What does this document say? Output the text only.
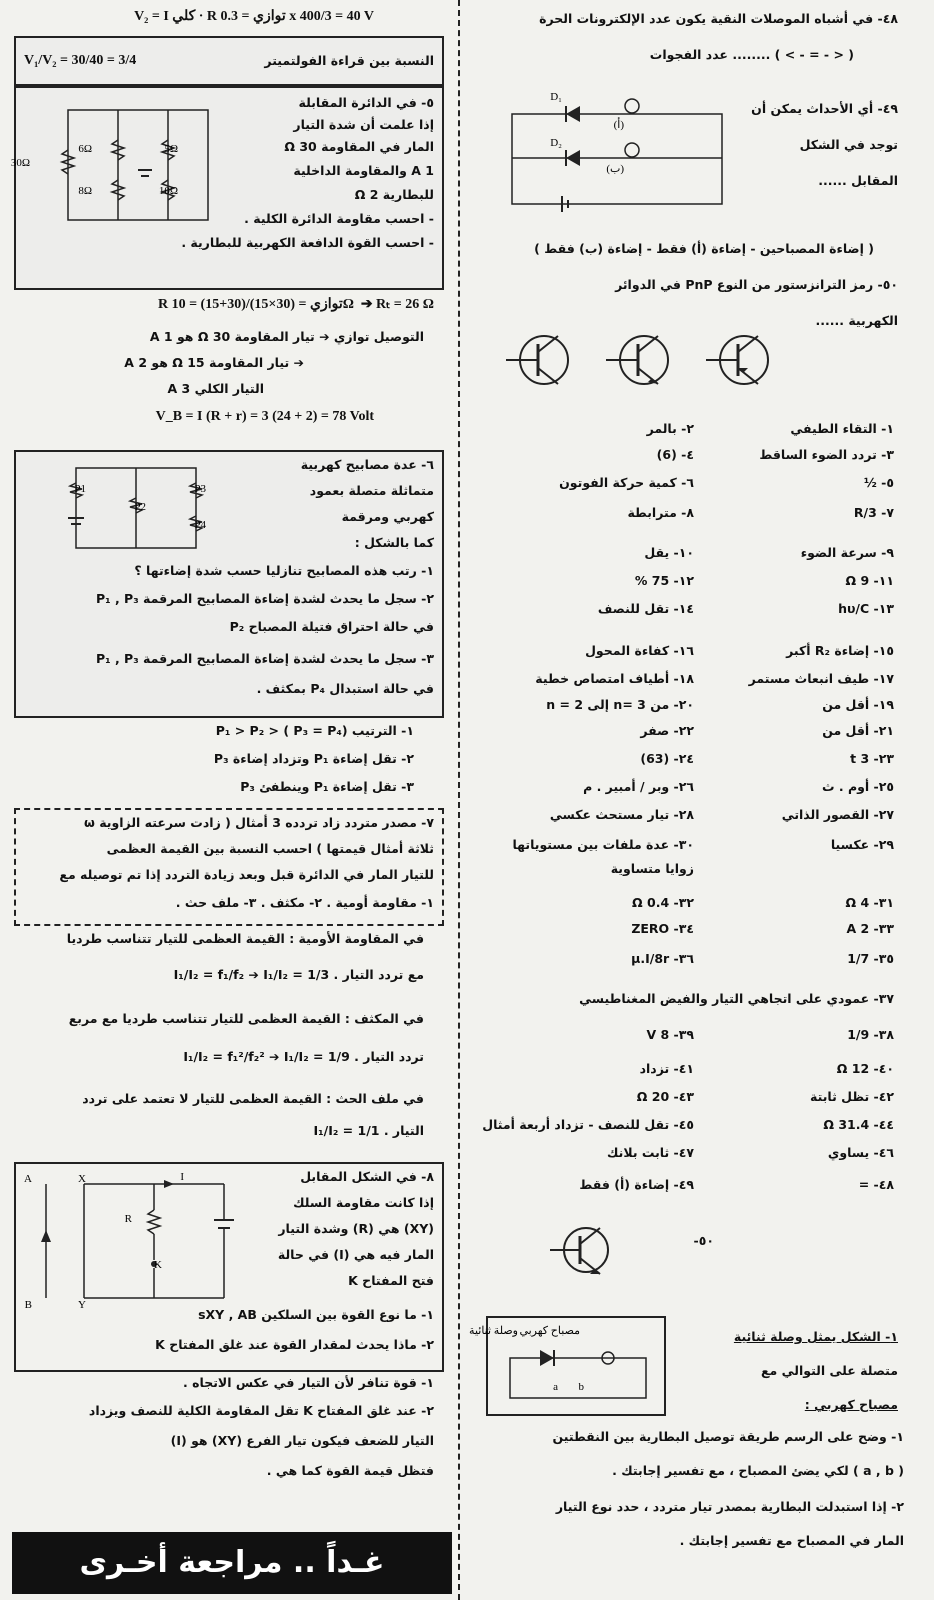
V₂ = I كلي · R توازي = 0.3 x 400/3 = 40 V
النسبة بين قراءة الفولتميتر
V₁/V₂ = 30/40 = 3/4
٥- في الدائرة المقابلة
إذا علمت أن شدة التيار
المار في المقاومة 30 Ω
A 1 والمقاومة الداخلية
للبطارية 2 Ω
- احسب مقاومة الدائرة الكلية .
- احسب القوة الدافعة الكهربية للبطارية .
30Ω
6Ω	5Ω
8Ω	10Ω
R توازي = (30×15)/(30+15) = 10Ω ➔ Rₜ = 26 Ω
التوصيل توازي ➔ تيار المقاومة 30 Ω هو 1 A
➔ تيار المقاومة 15 Ω هو 2 A
التيار الكلي 3 A
V_B = I (R + r) = 3 (24 + 2) = 78 Volt
٦- عدة مصابيح كهربية
متماثلة متصلة بعمود
كهربي ومرقمة
كما بالشكل :
١- رتب هذه المصابيح تنازليا حسب شدة إضاءتها ؟
٢- سجل ما يحدث لشدة إضاءة المصابيح المرقمة P₁ , P₃
في حالة احتراق فتيلة المصباح P₂
٣- سجل ما يحدث لشدة إضاءة المصابيح المرقمة P₁ , P₃
في حالة استبدال P₄ بمكثف .
P1
P2
P3
P4
١- الترتيب P₁ > P₂ > ( P₃ = P₄)
٢- تقل إضاءة P₁ وتزداد إضاءة P₃
٣- تقل إضاءة P₁ وينطفئ P₃
٧- مصدر متردد زاد تردده 3 أمثال ( زادت سرعته الزاوية ω
ثلاثة أمثال قيمتها ) احسب النسبة بين القيمة العظمى
للتيار المار في الدائرة قبل وبعد زيادة التردد إذا تم توصيله مع
١- مقاومة أومية . ٢- مكثف . ٣- ملف حث .
في المقاومة الأومية : القيمة العظمى للتيار تتناسب طرديا
مع تردد التيار . I₁/I₂ = f₁/f₂ ➔ I₁/I₂ = 1/3
في المكثف : القيمة العظمى للتيار تتناسب طرديا مع مربع
تردد التيار . I₁/I₂ = f₁²/f₂² ➔ I₁/I₂ = 1/9
في ملف الحث : القيمة العظمى للتيار لا تعتمد على تردد
التيار . I₁/I₂ = 1/1
٨- في الشكل المقابل
إذا كانت مقاومة السلك
(XY) هي (R) وشدة التيار
المار فيه هي (I) في حالة
فتح المفتاح K
١- ما نوع القوة بين السلكين sXY , AB
٢- ماذا يحدث لمقدار القوة عند غلق المفتاح K
A	X	I
R
K
B	Y
١- قوة تنافر لأن التيار في عكس الاتجاه .
٢- عند غلق المفتاح K تقل المقاومة الكلية للنصف ويزداد
التيار للضعف فيكون تيار الفرع (XY) هو (I)
فتظل قيمة القوة كما هي .
غـداً .. مراجعة أخـرى
٤٨- في أشباه الموصلات النقية يكون عدد الإلكترونات الحرة
( < - = - > ) ........ عدد الفجوات
٤٩- أي الأحداث يمكن أن
توجد في الشكل
المقابل ......
D₁
D₂
(أ)
(ب)
( إضاءة المصباحين - إضاءة (أ) فقط - إضاءة (ب) فقط )
٥٠- رمز الترانزستور من النوع PnP في الدوائر
الكهربية ......
١- التقاء الطيفي
٢- بالمر
٣- تردد الضوء الساقط
٤- (6)
٥- ½
٦- كمية حركة الفوتون
٧- R/3
٨- مترابطة
٩- سرعة الضوء
١٠- يقل
١١- 9 Ω
١٢- 75 %
١٣- hυ/C
١٤- تقل للنصف
١٥- إضاءة R₂ أكبر
١٦- كفاءة المحول
١٧- طيف انبعاث مستمر
١٨- أطياف امتصاص خطية
١٩- أقل من
٢٠- من 3 =n إلى 2 = n
٢١- أقل من
٢٢- صفر
٢٣- 3 t
٢٤- (63)
٢٥- أوم . ث
٢٦- وبر / أمبير . م
٢٧- القصور الذاتي
٢٨- تيار مستحث عكسي
٢٩- عكسيا
٣٠- عدة ملفات بين مستوياتها
زوايا متساوية
٣١- 4 Ω
٣٢- 0.4 Ω
٣٣- 2 A
٣٤- ZERO
٣٥- 1/7
٣٦- μ.I/8r
٣٧- عمودي على اتجاهي التيار والفيض المغناطيسي
٣٨- 1/9
٣٩- 8 V
٤٠- 12 Ω
٤١- تزداد
٤٢- تظل ثابتة
٤٣- 20 Ω
٤٤- 31.4 Ω
٤٥- تقل للنصف - تزداد أربعة أمثال
٤٦- يساوي
٤٧- ثابت بلانك
٤٨- =
٤٩- إضاءة (أ) فقط
٥٠-
وصلة ثنائية مصباح كهربي
a b
١- الشكل يمثل وصلة ثنائية
متصلة على التوالي مع
مصباح كهربي :
١- وضح على الرسم طريقة توصيل البطارية بين النقطتين
( a , b ) لكي يضئ المصباح ، مع تفسير إجابتك .
٢- إذا استبدلت البطارية بمصدر تيار متردد ، حدد نوع التيار
المار في المصباح مع تفسير إجابتك .
